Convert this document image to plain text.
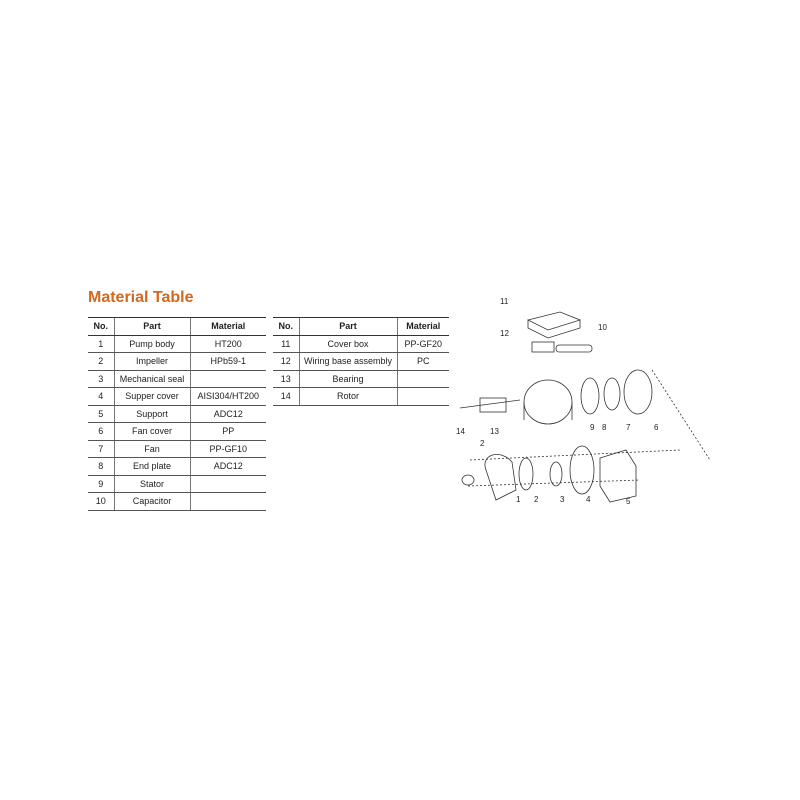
Material Table
No.	Part	Material
1	Pump body	HT200
2	Impeller	HPb59-1
3	Mechanical seal	
4	Supper cover	AISI304/HT200
5	Support	ADC12
6	Fan cover	PP
7	Fan	PP-GF10
8	End plate	ADC12
9	Stator	
10	Capacitor	
No.	Part	Material
11	Cover box	PP-GF20
12	Wiring base assembly	PC
13	Bearing	
14	Rotor	
11
12
10
14	13	9 8 7	6
2
1 2	3	4	5
